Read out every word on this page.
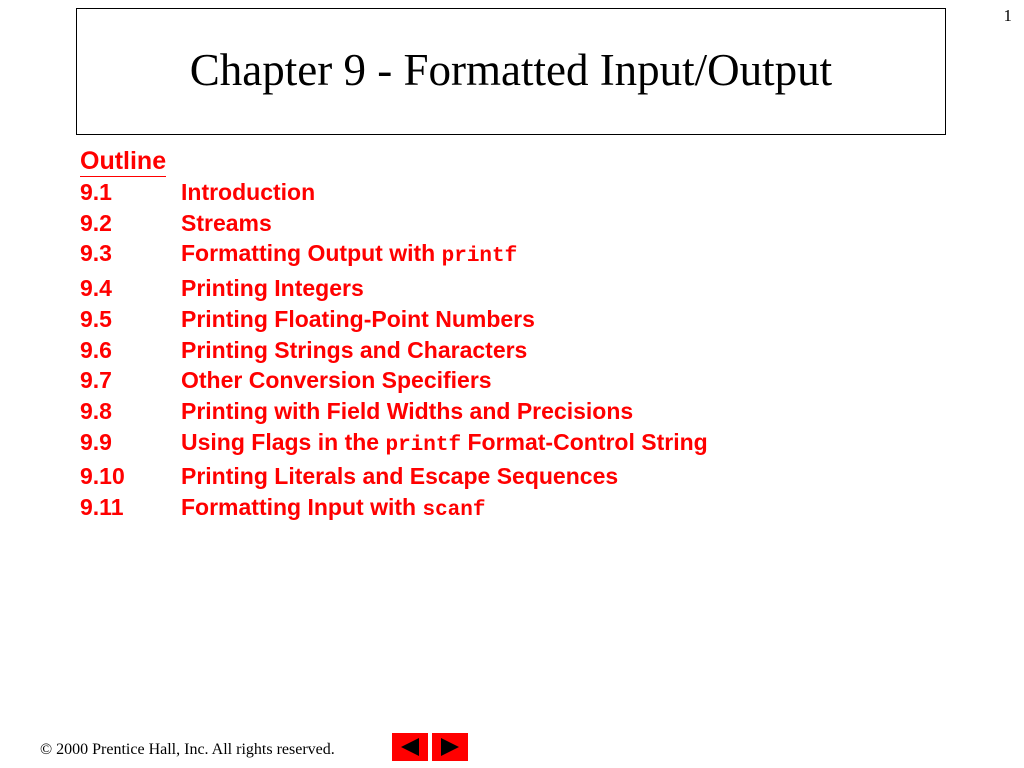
1
Chapter 9 - Formatted Input/Output
Outline
9.1	Introduction
9.2	Streams
9.3	Formatting Output with printf
9.4	Printing Integers
9.5	Printing Floating-Point Numbers
9.6	Printing Strings and Characters
9.7	Other Conversion Specifiers
9.8	Printing with Field Widths and Precisions
9.9	Using Flags in the printf Format-Control String
9.10	Printing Literals and Escape Sequences
9.11	Formatting Input with scanf
© 2000 Prentice Hall, Inc. All rights reserved.
